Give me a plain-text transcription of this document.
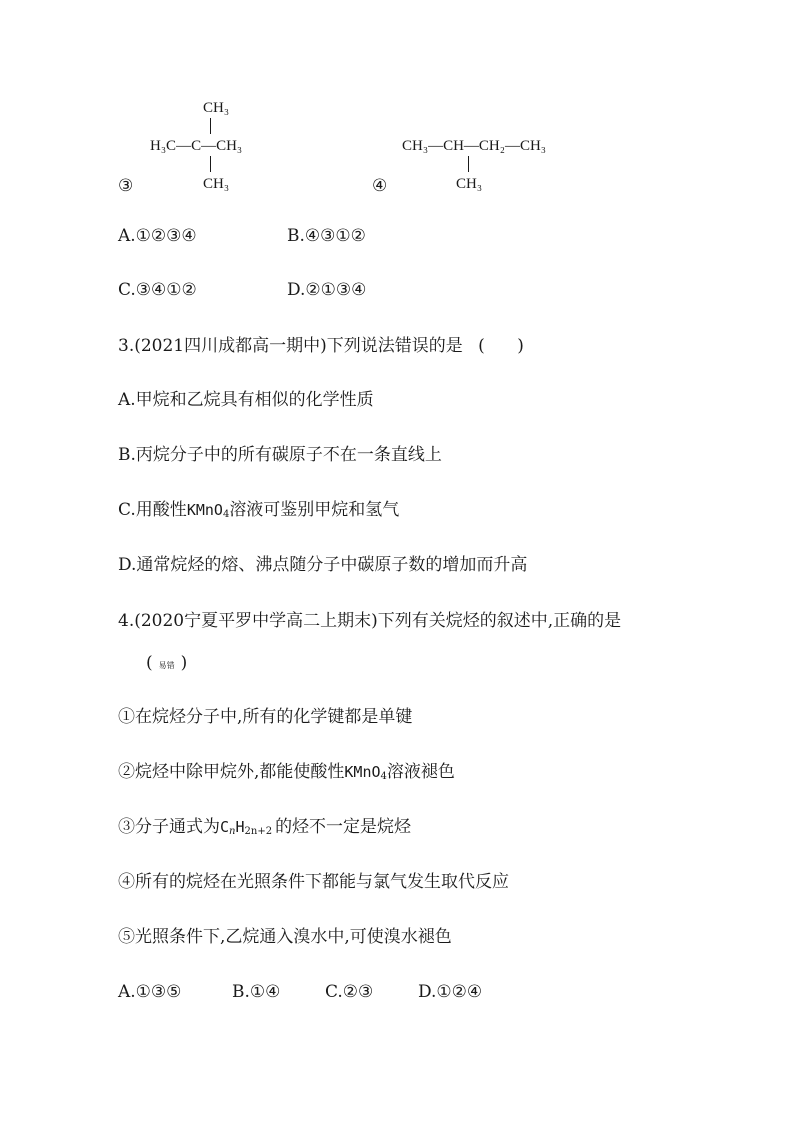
CH₃
H₃C—C—CH₃
CH₃
③
CH₃—CH—CH₂—CH₃
CH₃
④
A.①②③④	B.④③①②
C.③④①②	D.②①③④
3.(2021四川成都高一期中)下列说法错误的是 (      )
A.甲烷和乙烷具有相似的化学性质
B.丙烷分子中的所有碳原子不在一条直线上
C.用酸性KMnO$_4$溶液可鉴别甲烷和氢气
D.通常烷烃的熔、沸点随分子中碳原子数的增加而升高
4.(2020宁夏平罗中学高二上期末)下列有关烷烃的叙述中,正确的是
( 易错 )
①在烷烃分子中,所有的化学键都是单键
②烷烃中除甲烷外,都能使酸性KMnO$_4$溶液褪色
③分子通式为$C_nH_{2n+2}$ 的烃不一定是烷烃
④所有的烷烃在光照条件下都能与氯气发生取代反应
⑤光照条件下,乙烷通入溴水中,可使溴水褪色
A.①③⑤	B.①④	C.②③	D.①②④
